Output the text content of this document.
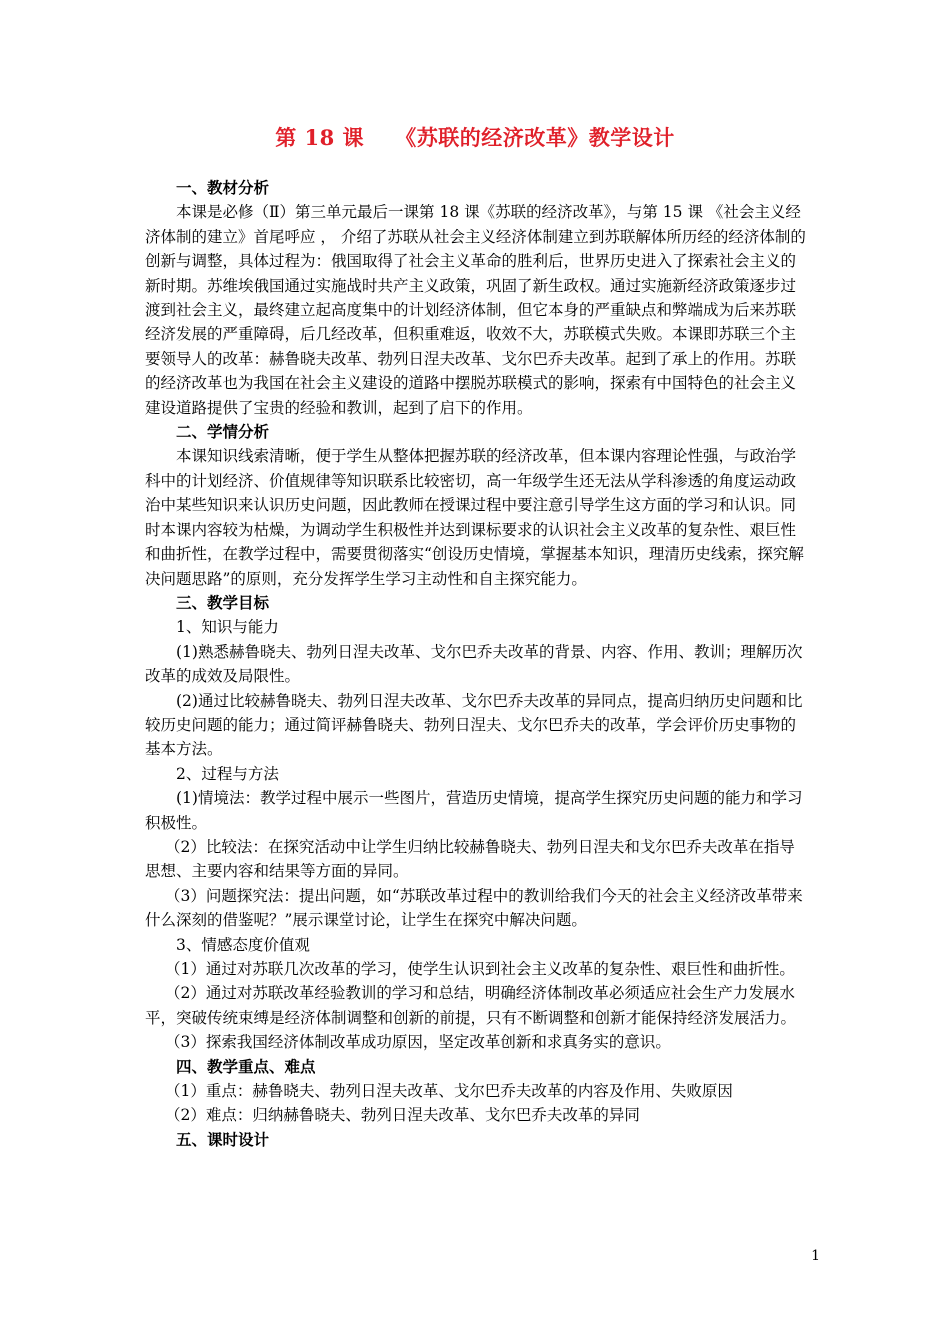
第 18 课    《苏联的经济改革》教学设计

一、教材分析

本课是必修（Ⅱ）第三单元最后一课第 18 课《苏联的经济改革》，与第 15 课 《社会主义经济体制的建立》首尾呼应 ， 介绍了苏联从社会主义经济体制建立到苏联解体所历经的经济体制的创新与调整，具体过程为：俄国取得了社会主义革命的胜利后，世界历史进入了探索社会主义的新时期。苏维埃俄国通过实施战时共产主义政策，巩固了新生政权。通过实施新经济政策逐步过渡到社会主义，最终建立起高度集中的计划经济体制，但它本身的严重缺点和弊端成为后来苏联经济发展的严重障碍，后几经改革，但积重难返，收效不大，苏联模式失败。本课即苏联三个主要领导人的改革：赫鲁晓夫改革、勃列日涅夫改革、戈尔巴乔夫改革。起到了承上的作用。苏联的经济改革也为我国在社会主义建设的道路中摆脱苏联模式的影响，探索有中国特色的社会主义建设道路提供了宝贵的经验和教训，起到了启下的作用。

二、学情分析

本课知识线索清晰，便于学生从整体把握苏联的经济改革，但本课内容理论性强，与政治学科中的计划经济、价值规律等知识联系比较密切，高一年级学生还无法从学科渗透的角度运动政治中某些知识来认识历史问题，因此教师在授课过程中要注意引导学生这方面的学习和认识。同时本课内容较为枯燥，为调动学生积极性并达到课标要求的认识社会主义改革的复杂性、艰巨性和曲折性，在教学过程中，需要贯彻落实“创设历史情境，掌握基本知识，理清历史线索，探究解决问题思路”的原则，充分发挥学生学习主动性和自主探究能力。

三、教学目标

1、知识与能力

(1)熟悉赫鲁晓夫、勃列日涅夫改革、戈尔巴乔夫改革的背景、内容、作用、教训；理解历次改革的成效及局限性。

(2)通过比较赫鲁晓夫、勃列日涅夫改革、戈尔巴乔夫改革的异同点，提高归纳历史问题和比较历史问题的能力；通过简评赫鲁晓夫、勃列日涅夫、戈尔巴乔夫的改革，学会评价历史事物的基本方法。

2、过程与方法

(1)情境法：教学过程中展示一些图片，营造历史情境，提高学生探究历史问题的能力和学习积极性。

（2）比较法：在探究活动中让学生归纳比较赫鲁晓夫、勃列日涅夫和戈尔巴乔夫改革在指导思想、主要内容和结果等方面的异同。

（3）问题探究法：提出问题，如“苏联改革过程中的教训给我们今天的社会主义经济改革带来什么深刻的借鉴呢？”展示课堂讨论，让学生在探究中解决问题。

3、情感态度价值观

（1）通过对苏联几次改革的学习，使学生认识到社会主义改革的复杂性、艰巨性和曲折性。

（2）通过对苏联改革经验教训的学习和总结，明确经济体制改革必须适应社会生产力发展水平，突破传统束缚是经济体制调整和创新的前提，只有不断调整和创新才能保持经济发展活力。

（3）探索我国经济体制改革成功原因，坚定改革创新和求真务实的意识。

四、教学重点、难点

（1）重点：赫鲁晓夫、勃列日涅夫改革、戈尔巴乔夫改革的内容及作用、失败原因

（2）难点：归纳赫鲁晓夫、勃列日涅夫改革、戈尔巴乔夫改革的异同

五、课时设计

1
